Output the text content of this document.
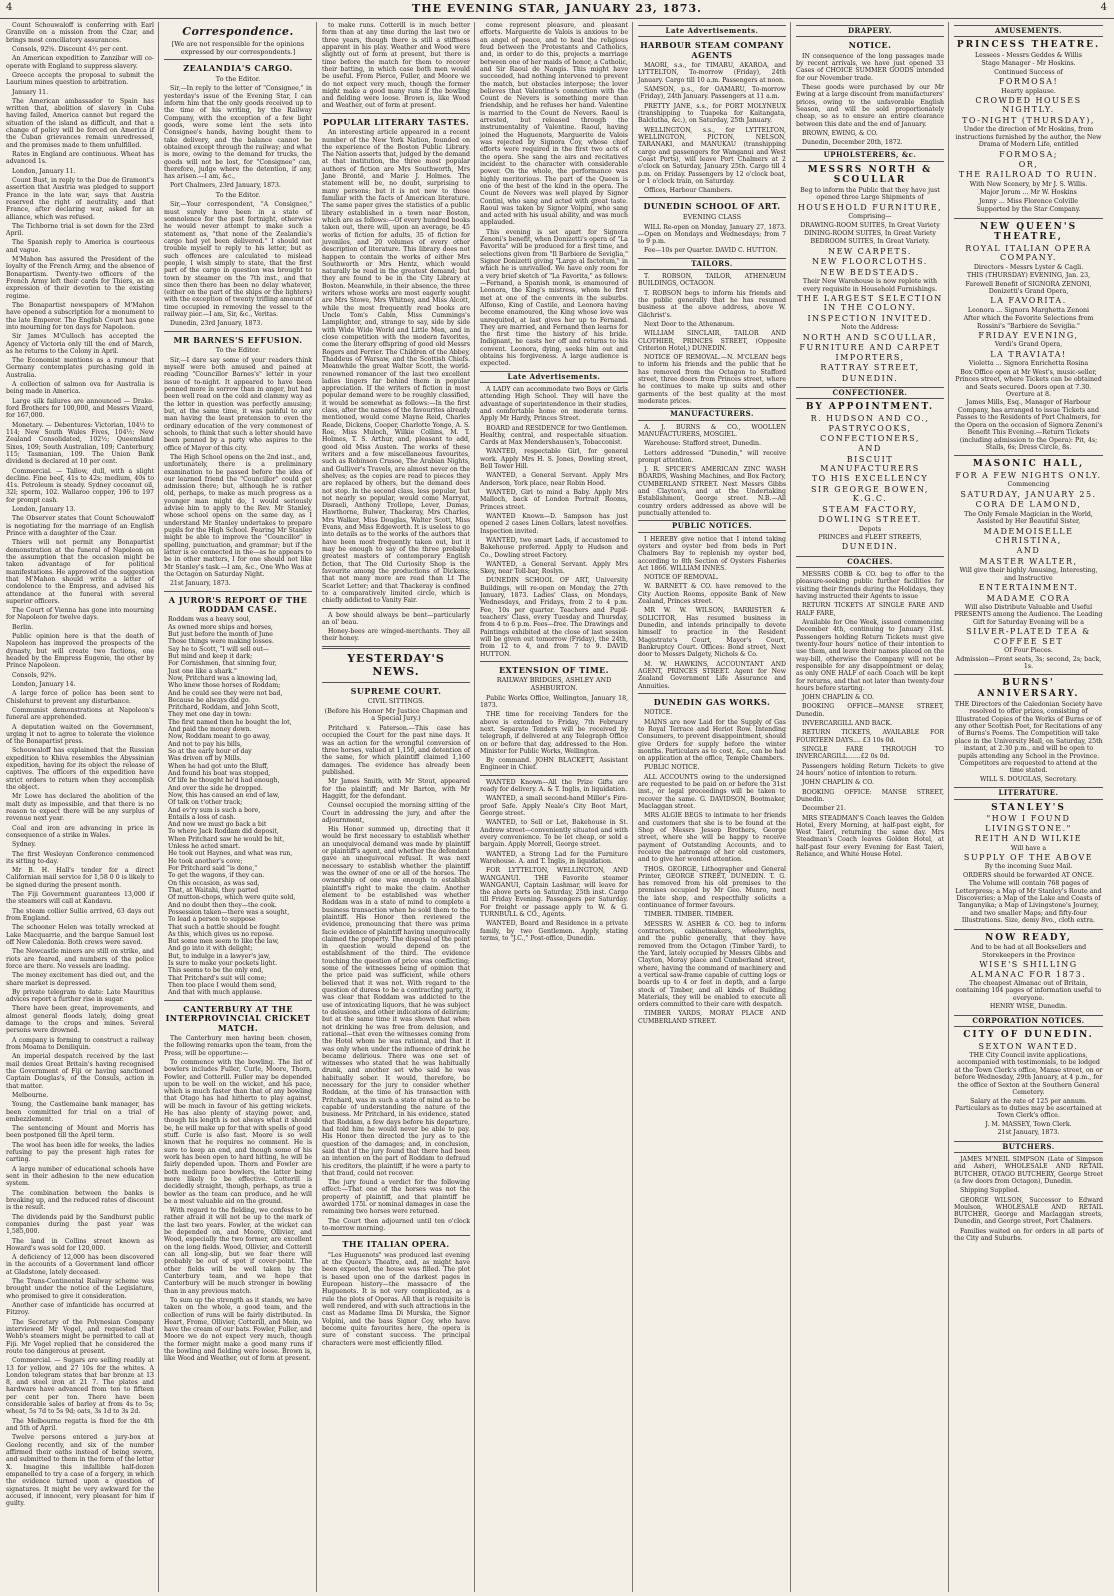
4	THE EVENING STAR, JANUARY 23, 1873.	4

Count Schouwaloff is conferring with Earl Granville on a mission from the Czar, and brings most conciliatory assurances.

Consols, 92⅝. Discount 4½ per cent.

An American expedition to Zanzibar will co-operate with England to suppress slavery.

Greece accepts the proposal to submit the Laurium mines question to arbitration.

January 11.

The American ambassador to Spain has written that, abolition of slavery in Cuba having failed, America cannot but regard the situation of the island as difficult, and that a change of policy will be forced on America if the Cuban grievances remain unredressed, and the promises made to them unfulfilled.

Rates in England are continuous. Wheat has advanced 1s.

London, January 11.

Count Bust, in reply to the Due de Gramont's assertion that Austria was pledged to support France in the late war, says that Austria reserved the right of neutrality, and that France, after declaring war, asked for an alliance, which was refused.

The Tichborne trial is set down for the 23rd April.

The Spanish reply to America is courteous and vague.

M'Mahon has assured the President of the loyalty of the French Army, and the absence of Bonapartism. Twenty-two officers of the French Army left their cards for Thiers, as an expression of their devotion to the existing regime.

The Bonapartist newspapers of M'Mahon have opened a subscription for a monument to the late Emperor. The English Court has gone into mourning for ten days for Napoleon.

Sir James M'Culloch has accepted the Agency of Victoria only till the end of March, as he returns to the Colony in April.

The Economist mentions as a rumour that Germany contemplates purchasing gold in Australia.

A collection of salmon ova for Australia is being made in America.

Large silk failures are announced — Drake-ford Brothers for 100,000, and Messrs Vizard, for 167,000.

Monetary. — Debentures: Victorian, 104½ to 114; New South Wales Fives, 104½; New Zealand Consolidated, 102½; Queensland Sixes, 109; South Australian, 109; Canterbury, 115; Tasmanian, 109. The Union Bank dividend is declared at 10 per cent.

Commercial. — Tallow, dull, with a slight decline. Fine beef, 41s to 42s; medium, 40s to 41s. Petroleum is steady. Sydney cocoanut oil, 32l; sperm, 102. Wallaroo copper, 196 to 197 for prompt cash.

London, January 13.

The Observer states that Count Schouwaloff is negotiating for the marriage of an English Prince with a daughter of the Czar.

Thiers will not permit any Bonapartist demonstration at the funeral of Napoleon on the assumption that the occasion might be taken advantage of for political manifestations. He approved of the suggestion that M'Mahon should write a letter of condolence to the Empress, and advised his attendance at the funeral with several superior officers.

The Court of Vienna has gone into mourning for Napoleon for twelve days.

Berlin.

Public opinion here is that the death of Napoleon has improved the prospects of the dynasty, but will create two factions, one headed by the Empress Eugenie, the other by Prince Napoleon.

Consols, 92⅝.

London, January 14.

A large force of police has been sent to Chislehurst to prevent any disturbance.

Communist demonstrations at Napoleon's funeral are apprehended.

A deputation waited on the Government, urging it not to agree to tolerate the violence of the Bonapartist press.

Schouwaloff has explained that the Russian expedition to Khiva resembles the Abyssinian expedition, having for its object the release of captives. The officers of the expedition have strict orders to return when they accomplish the object.

Mr Lowe has declared the abolition of the malt duty as impossible, and that there is no reason to expect there will be any surplus of revenue next year.

Coal and iron are advancing in price in consequence of a strike in Wales.

Sydney.

The first Wesleyan Conference commenced its sitting to-day.

Mr B. H. Hall's tender for a direct Californian mail service for 1,58 0 0 is likely to be signed during the present month.

The Fiji Government guarantees 13,000 if the steamers will call at Kandavu.

The steam collier Sullie arrived, 63 days out from England.

The schooner Helen was totally wrecked at Lake Macquarrie, and the barque Samuel lost off New Caledonia. Both crews were saved.

The Newcastle miners are still on strike, and riots are feared, and numbers of the police force are there. No vessels are loading.

The money excitement has died out, and the share market is depressed.

By private telegram to date: Late Mauritius advices report a further rise in sugar.

There have been great, improvements, and almost general floods lately, doing great damage to the crops and mines. Several persons were drowned.

A company is forming to construct a railway from Moama to Deniliquin.

An imperial despatch received by the last mail denies Great Britain's having recognised the Government of Fiji or having sanctioned Captain Douglas's, of the Consuls, action in that matter.

Melbourne.

Young, the Castlemaine bank manager, has been committed for trial on a trial of embezzlement.

The sentencing of Mount and Morris has been postponed till the April term.

The wool has been idle for weeks, the ladies refusing to pay the present high rates for carting.

A large number of educational schools have sent in their adhesion to the new education system.

The combination between the banks is breaking up, and the reduced rates of discount is the result.

The dividends paid by the Sandhurst public companies during the past year was 1,585,000.

The land in Collins street known as Howard's was sold for 120,000.

A deficiency of 12,000 has been discovered in the accounts of a Government land officer at Gladstone, lately deceased.

The Trans-Continental Railway scheme was brought under the notice of the Legislature, who promised to give it consideration.

Another case of infanticide has occurred at Fitzroy.

The Secretary of the Polynesian Company interviewed Mr Vogel, and requested that Webb's steamers might be permitted to call at Fiji. Mr Vogel replied that he considered the route too dangerous at present.

Commercial. — Sugars are selling readily at 13 for yellow, and 27 10s for the whites. A London telegram states that bar bronze at 13 8, and steel iron at 21 7. The plates and hardware have advanced from ten to fifteen per cent per ton. There have been considerable sales of barley at from 4s to 5s; wheat, 5s 7d to 5s 9d; oats, 3s 1d to 3s 2d.

The Melbourne regatta is fixed for the 4th and 5th of April.

Twelve persons entered a jury-box at Geelong recently, and six of the number affirmed their oaths instead of being sworn, and submitted to them in the form of the letter X. Imagine this infallible half-dozen empanelled to try a case of a forgery, in which the evidence turned upon a question of signatures. It might be very awkward for the accused, if innocent, very pleasant for him if guilty.

Correspondence.
[We are not responsible for the opinions expressed by our correspondents.]
ZEALANDIA'S CARGO.
To the Editor.

Sir,—In reply to the letter of "Consignee," in yesterday's issue of the Evening Star, I can inform him that the only goods received up to the time of his writing, by the Railway Company, with the exception of a few light goods, were some lent the sets into Consignee's hands, having bought them to take delivery, and the balance cannot be obtained except through the railway; and what is more, owing to the demand for trucks, the goods will not be lost, for "Consignee" can, therefore, judge where the detention, if any, has arisen.—I am, &c.,

Port Chalmers, 23rd January, 1873.

To the Editor.

Sir,—Your correspondent, "A Consignee," must surely have been in a state of somnolence for the past fortnight, otherwise he would never attempt to make such a statement as, "that none of the Zealandia's cargo had yet been delivered." I should not trouble myself to reply to his letter, but as such offences are calculated to mislead people, I wish simply to state, that the first part of the cargo in question was brought to town by steamer on the 7th inst., and that since then there has been no delay whatever, (either on the part of the ships or the lighters) with the exception of twenty trifling amount of time occupied in removing the vessel to the railway pier.—I am, Sir, &c., Veritas.

Dunedin, 23rd January, 1873.

MR BARNES'S EFFUSION.
To the Editor.

Sir,—I dare say some of your readers think myself were both amused and pained at reading "Councillor Barnes's" letter in your issue of to-night. It appeared to have been penned more in sorrow than in anger, but had been well read on the cold and clammy way as the letter in question was perfectly amusing; but, at the same time, it was painful to any man having the least pretension to even the ordinary education of the very commonest of schools, to think that such a letter should have been penned by a party who aspires to the office of Mayor of this city.

The High School opens on the 2nd inst., and, unfortunately, there is a preliminary examination to be passed before the idea of our learned friend the "Councillor" could get admission there; but, although he is rather old, perhaps, to make as much progress as a younger man might do, I would seriously advise him to apply to the Rev. Mr Stanley, whose school opens on the same day, as I understand Mr Stanley undertakes to prepare pupils for the High School. Fearing Mr Stanley might be able to improve the "Councillor" in spelling, punctuation, and grammar; but if the latter is so connected in the—as he appears to be in other matters, I for one should not like Mr Stanley's task.—I am, &c., One Who Was at the Octagon on Saturday Night.

21st January, 1873.

A JUROR'S REPORT OF THE RODDAM CASE.

Roddam was a heavy soul,

As owned more ships and horses,

But just before the month of June

Those things were making losses.

Say he to Scott, "I will sell out—

But mind and keep it dark;

For Cornishmen, that sinning four,

Just one like a shark."

Now, Pritchard was a knowing lad,

Who knew those horses of Roddam;

And he could see they were not bad,

Because he always did go.

Pritchard, Roddam, and John Scott,

They met one day in town:

The first named then he bought the lot,

And paid the money down.

Now, Roddam meant to go away,

And not to pay his bills,

So at the early hour of day

Was driven off by Mills.

When he had got unto the Bluff,

And found his boat was stopped,

Of life he thought he'd had enough,

And over the side he dropped.

Now, this has caused an end of law,

Of talk on t'other track;

And ev'ry sum is such a bore,

Entails a loss of cash.

And now we must go back a bit

To where Jack Roddam did deposit,

When Pritchard saw he would be hit,

Unless he acted smart.

He took out Haynes, and what was run,

He took another's cove;

For Pritchard said "is done,"

To get the wagons, if they can.

On this occasion, as was sad,

That, at Waitahi, they parted

Of mutton-chops, which were quite sold,

And no doubt then they—the cook.

Possession taken—there was a sought,

To lead a person to suppose

That such a battle should be fought

As this, which gives us no repose.

But some men seem to like the law,

And go into it with delight;

But, to indulge in a lawyer's jaw,

Is sure to make your pockets light.

This seems to be the only end,

That Pritchard's suit will come;

Then too place I would them send,

And that with much applause.

CANTERBURY AT THE INTERPROVINCIAL CRICKET MATCH.

The Canterbury men having been chosen, the following remarks upon the team, from the Press, will be opportune:—

To commence with the bowling. The list of bowlers includes Fuller, Curle, Moore, Thorn, Fowler, and Cotterill. Fuller may be depended upon to be well on the wicket, and his pace, which is much faster than that of any bowling that Otago has had hitherto to play against, will be much in favour of his getting wickets. He has also plenty of staying power, and, though his length is not always what it should be, he will make up for that with spells of good stuff. Curle is also fast. Moore is so well known that he requires no comment. He is sure to keep an end, and though some of his work has been open to hard hitting, he will be fairly depended upon. Thorn and Fowler are both medium pace bowlers, the latter being more likely to be effective. Cotterill is decidedly straight, though, perhaps, as true a bowler as the team can produce, and he will be a most valuable aid on the ground.

With regard to the fielding, we confess to be rather afraid it will not be up to the mark of the last two years. Fowler, at the wicket can be depended on, and Moore, Ollivier, and Wood, especially the two former, are excellent on the long fields. Wood, Ollivier, and Cotterill can all long-slip, but we fear there will probably be out of spot if cover-point. The other fields will be well taken by the Canterbury team, and we hope that Canterbury will be much stronger in bowling than in any previous match.

To sum up the strength as it stands, we have taken on the whole, a good team, and the collection of runs will be fairly distributed. In Heart, Frome, Ollivier, Cotterill, and Mein, we have the cream of our bats. Fowler, Fuller, and Moore we do not expect very much, though the former might make a good many runs if the bowling and fielding were loose. Brown is, like Wood and Weather, out of form at present.

to make runs. Cotterill is in much better form than at any time during the last two or three years, though there is still a stiffness apparent in his play. Weather and Wood were slightly out of form at present, but there is time before the match for them to recover their batting, in which case both men would be useful. From Pierce, Fuller, and Moore we do not expect very much, though the former might make a good many runs if the bowling and fielding were loose. Brown is, like Wood and Weather, out of form at present.

POPULAR LITERARY TASTES.

An interesting article appeared in a recent number of the New York Nation, founded on the experience of the Boston Public Library. The Nation asserts that, judged by the demand at that institution, the three most popular authors of fiction are Mrs Southworth, Mrs Jane Brontë, and Marie J. Holmes. The statement will be, no doubt, surprising to many persons; but it is not new to those familiar with the facts of American literature. The same paper gives the statistics of a public library established in a town near Boston, which are as follows:—Of every hundred books taken out, there will, upon an average, be 45 works of fiction for adults, 35 of fiction for juveniles, and 20 volumes of every other description of literature. This library does not happen to contain the works of either Mrs Southworth or Mrs Hentz, which would naturally be read in the greatest demand; but they are found to be in the City Library at Boston. Meanwhile, in their absence, the three writers whose works are most eagerly sought are Mrs Stowe, Mrs Whitney, and Miss Alcott, while the most frequently read books are Uncle Tom's Cabin, Miss Cummings's Lamplighter, and, strange to say, side by side with Wide Wide World and Little Men, and in close competition with the modern favorites, come the literary offspring of good old Messrs Rogers and Ferrier. The Children of the Abbey, Thaddeus of Warsaw, and the Scottish Chiefs. Meanwhile the great Walter Scott, the world-renowned romancer of the last two excellent ladies lingers far behind them in popular appreciation. If the writers of fiction in most popular demand were to be roughly classified, it would be somewhat as follows:—In the first class, after the names of the favourites already mentioned, would come Mayne Reid, Charles Reade, Dickens, Cooper, Charlotte Yonge, A. S. Roe, Miss Muloch, Wilkie Collins, M. T. Holmes, T. S. Arthur, and, pleasant to add, good old Miss Austen. The works of these writers and a few miscellaneous favourites, such as Robinson Crusoe, The Arabian Nights, and Gulliver's Travels, are almost never on the shelves; as the copies are read to pieces they are replaced by others, but the demand does not stop. In the second class, less popular, but not nearly so popular, would come Marryat, Disraeli, Anthony Trollope, Lever, Dumas, Hawthorne, Bulwer, Thackeray, Mrs Charles, Mrs Walker, Miss Douglas, Walter Scott, Miss Evans, and Miss Edgeworth. It is useless to go into details as to the works of the authors that have been most frequently taken out, but it may be enough to say of the three probably greatest masters of contemporary English fiction, that The Old Curiosity Shop is the favourite among the productions of Dickens; that not many more are read than Lt The Scarlet Letter; and that Thackeray is confined to a comparatively limited circle, which is chiefly addicted to Vanity Fair.

A bow should always be bent—particularly an ol' beau.

Honey-bees are winged-merchants. They all their honey.

YESTERDAY'S NEWS.
SUPREME COURT.
CIVIL SITTINGS.
(Before his Honor Mr Justice Chapman and a Special Jury.)

Pritchard v. Paterson.—This case has occupied the Court for the past nine days. It was an action for the wrongful conversion of three horses, valued at 1,150, and detention of the same, for which plaintiff claimed 1,160 damages. The evidence has already been published.

Mr James Smith, with Mr Stout, appeared for the plaintiff; and Mr Barton, with Mr Haggitt, for the defendant.

Counsel occupied the morning sitting of the Court in addressing the jury, and after the adjournment,

His Honor summed up, directing that it would be first necessary to establish whether an unequivocal demand was made by plaintiff or plaintiff's agent, and whether the defendant gave an unequivocal refusal. It was next necessary to establish whether the plaintiff was the owner of one or all of the horses. The ownership of one was enough to establish plaintiff's right to make the claim. Another element to be established was whether Roddam was in a state of mind to complete a business transaction when he sold them to the plaintiff. His Honor then reviewed the evidence, pronouncing that there was prima facie evidence of plaintiff having unequivocally claimed the property. The disposal of the point in question would depend on the establishment of the third. The evidence touching the question of price was conflicting; some of the witnesses being of opinion that the price paid was sufficient, while others believed that it was not. With regard to the question of duress to be a contracting party, it was clear that Roddam was addicted to the use of intoxicating liquors, that he was subject to delusions, and other indications of delirium; but at the same time it was shown that when not drinking he was free from delusion, and rational—that even the witnesses coming from the Hotel whom he was rational, and that it was only when under the influence of drink he became delirious. There was one set of witnesses who stated that he was habitually drunk, and another set who said he was habitually sober. It would, therefore, be necessary for the jury to consider whether Roddam, at the time of his transaction with Pritchard, was in such a state of mind as to be capable of understanding the nature of the business. Mr Pritchard, in his evidence, stated that Roddam, a few days before his departure, had told him he would never be able to pay. His Honor then directed the jury as to the question of the damages; and, in conclusion, said that if the jury found that there had been an intention on the part of Roddam to defraud his creditors, the plaintiff, if he were a party to that fraud, could not recover.

The jury found a verdict for the following effect:—That one of the horses was not the property of plaintiff, and that plaintiff be awarded 175l. or nominal damages in case the remaining two horses were returned.

The Court then adjourned until ten o'clock to-morrow morning.

THE ITALIAN OPERA.

"Les Huguenots" was produced last evening at the Queen's Theatre, and, as might have been expected, the house was filled. The plot is based upon one of the darkest pages in European history—the massacre of the Huguenots. It is not very complicated, as a rule the plots of Operas. All that is requisite is well rendered, and with such attractions in the cast as Madame Ilma Di Murska, the Signor Volpini, and the bass Signor Coy, who have become quite favourites here, the opera is sure of constant success. The principal characters were most efficiently filled.

come represent pleasure, and pleasant efforts. Marguerite de Valois is anxious to be an angel of peace, and to heal the religious feud between the Protestants and Catholics, and, in order to do this, projects a marriage between one of her maids of honor, a Catholic, and Sir Raoul de Nangis. This might have succeeded, had nothing intervened to prevent the match, but obstacles interpose; the lover believes that Valentine's connection with the Count de Nevers is something more than friendship, and he refuses her hand. Valentine is married to the Count de Nevers. Raoul is arrested, but released through the instrumentality of Valentine. Raoul, having joined the Huguenots, Marguerite de Valois was rejected by Signora Coy, whose chief efforts were required in the first two acts of the opera. She sang the airs and recitatives incident to the character with considerable power. On the whole, the performance was highly meritorious. The part of the Queen is one of the best of the kind in the opera. The Count de Nevers was well played by Signor Contini, who sang and acted with great taste. Raoul was taken by Signor Volpini, who sang and acted with his usual ability, and was much applauded.

This evening is set apart for Signora Zenoni's benefit, when Donizetti's opera of "La Favorita" will be produced for a first time, and selections given from "Il Barbiere de Seviglia," Signor Donizetti giving "Largo al factotum," in which he is unrivalled. We have only room for a very brief sketch of "La Favorita," as follows:—Fernand, a Spanish monk, is enamoured of Leonora, the King's mistress, whom he first met at one of the convents in the suburbs. Alfonso, King of Castile, and Leonora having become enamoured, the King whose love was unrequited, at last gives her up to Fernand. They are married, and Fernand then learns for the first time the history of his bride. Indignant, he casts her off and returns to his convent. Leonora, dying, seeks him out and obtains his forgiveness. A large audience is expected.

Late Advertisements.

A LADY can accommodate two Boys or Girls attending High School. They will have the advantage of superintendence in their studies, and comfortable home on moderate terms. Apply Mr Hardy, Princes Street.

BOARD and RESIDENCE for two Gentlemen. Healthy, central, and respectable situation. Cards at Max Mendershausen's, Tobacconist.

WANTED, respectable Girl, for general work. Apply Mrs H. S. Jones, Dowling street, Bell Tower Hill.

WANTED, a General Servant. Apply Mrs Anderson, York place, near Robin Hood.

WANTED, Girl to mind a Baby. Apply Mrs Malloch, back of London Portrait Rooms, Princes street.

WANTED Known—D. Sampson has just opened 2 cases Linen Collars, latest novelties. Inspection invited.

WANTED, two smart Lads, if accustomed to Bakehouse preferred. Apply to Hudson and Co., Dowling street Factory.

WANTED, a General Servant. Apply Mrs Skey, near Toll-bar, Roslyn.

DUNEDIN SCHOOL OF ART, University Buildings, will re-open on Monday, the 27th January, 1873. Ladies' Class, on Mondays, Wednesdays, and Fridays, from 2 to 4 p.m. Fee, 10s per quarter. Teachers and Pupil-teachers' Class, every Tuesday and Thursday, from 4 to 6 p.m. Fees—free. The Drawings and Paintings exhibited at the close of last session will be given out tomorrow (Friday), the 24th, from 12 to 4, and from 7 to 9. DAVID HUTTON.

EXTENSION OF TIME.
RAILWAY BRIDGES, ASHLEY AND ASHBURTON.

Public Works Office, Wellington, January 18, 1873.

THE time for receiving Tenders for the above is extended to Friday, 7th February next. Separate Tenders will be received by telegraph, if delivered at any Telegraph Office on or before that day, addressed to the Hon. Minister for Public Works, Wellington.

By command. JOHN BLACKETT, Assistant Engineer in Chief.

WANTED Known—All the Prize Gifts are ready for delivery. A. & T. Inglis, in liquidation.

WANTED, a small second-hand Miller's Fire-proof Safe. Apply Neale's City Boot Mart, George street.

WANTED, to Sell or Let, Bakehouse in St. Andrew street—conveniently situated and with every convenience. To be let cheap, or sold a bargain. Apply Morrell, George street.

WANTED, a Strong Lad for the Furniture Warehouse. A. and T. Inglis, in liquidation.

FOR LYTTELTON, WELLINGTON, AND WANGANUI. THE Favorite steamer WANGANUI, Captain Lashmar, will leave for the above ports on Saturday, 25th inst. Cargo till Friday Evening. Passengers per Saturday. For freight or passage apply to W. & G. TURNBULL & CO., Agents.

WANTED, Board and Residence in a private family, by two Gentlemen. Apply, stating terms, to "J.C.," Post-office, Dunedin.

Late Advertisements.
HARBOUR STEAM COMPANY AGENTS

MAORI, s.s., for TIMARU, AKAROA, and LYTTELTON, To-morrow (Friday), 24th January. Cargo till 10 a.m. Passengers at noon.

SAMSON, p.s., for OAMARU, To-morrow (Friday), 24th January. Passengers at 11 a.m.

PRETTY JANE, s.s., for PORT MOLYNEUX (transhipping to Tuapeka for Kaitangata, Balclutha, &c.), on Saturday, 25th January.

WELLINGTON, s.s., for LYTTELTON, WELLINGTON, PICTON, NELSON, TARANAKI, and MANUKAU (transhipping cargo and passengers for Wanganui and West Coast Ports), will leave Port Chalmers at 2 o'clock on Saturday, January 25th. Cargo till 4 p.m. on Friday. Passengers by 12 o'clock boat, or 1 o'clock train, on Saturday.

Offices, Harbour Chambers.

DUNEDIN SCHOOL OF ART.
EVENING CLASS

WILL Re-open on Monday, January 27, 1873.—Open on Mondays and Wednesdays; from 7 to 9 p.m.

Fee—10s per Quarter. DAVID C. HUTTON.

TAILORS.

T. ROBSON, TAILOR, ATHENÆUM BUILDINGS, OCTAGON.

T. ROBSON begs to inform his friends and the public generally that he has resumed business at the above address, above W. Gilchrist's.

Next Door to the Athenæum.

WILLIAM SINCLAIR, TAILOR AND CLOTHIER, PRINCES STREET, (Opposite Criterion Hotel,) DUNEDIN.

NOTICE OF REMOVAL.—N. M'CLEAN begs to inform his friends and the public that he has removed from the Octagon to Stafford street, three doors from Princes street, where he continues to make up suits and other garments of the best quality at the most moderate prices.

MANUFACTURERS.

A. J. BURNS & CO., WOOLLEN MANUFACTURERS, MOSGIEL.

Warehouse: Stafford street, Dunedin.

Letters addressed "Dunedin," will receive prompt attention.

J. R. SPICER'S AMERICAN ZINC WASH BOARDS, Washing Machines, and Box Factory, CUMBERLAND STREET. Next Messrs Gibbs and Clayton's, and at the Undertaking Establishment, George street. N.B.—All country orders addressed as above will be punctually attended to.

PUBLIC NOTICES.

I HEREBY give notice that I intend taking oysters and oyster bed from beds in Port Chalmers Bay to replenish my oyster bed, according to 8th Section of Oysters Fisheries Act 1866. WILLIAM INNES.

NOTICE OF REMOVAL.

W. BARNETT & CO. have removed to the City Auction Rooms, opposite Bank of New Zealand, Princes street.

MR W. W. WILSON, BARRISTER & SOLICITOR, Has resumed business in Dunedin, and intends principally to devote himself to practice in the Resident Magistrate's Court, Mayor's Court, Bankruptcy Court. Offices: Bond street, Next door to Messrs Dalgety, Nichols & Co.

M. W. HAWKINS, ACCOUNTANT AND AGENT, PRINCES STREET. Agent for New Zealand Government Life Assurance and Annuities.

DUNEDIN GAS WORKS.

NOTICE.

MAINS are now Laid for the Supply of Gas to Royal Terrace and Heriot Row. Intending Consumers, to prevent disappointment, should give Orders for supply before the winter months. Particulars as to cost, &c., can be had on application at the office, Temple Chambers.

PUBLIC NOTICE.

ALL ACCOUNTS owing to the undersigned are requested to be paid on or before the 31st inst., or legal proceedings will be taken to recover the same. G. DAVIDSON, Bootmaker, Maclaggan street.

MRS ALGIE BEGS to intimate to her friends and customers that she is to be found at the Shop of Messrs Jessop Brothers, George street, where she will be happy to receive payment of Outstanding Accounts, and to receive the patronage of her old customers, and to give her wonted attention.

THOS. GEORGE, Lithographer and General Printer, GEORGE STREET, DUNEDIN. T. G. has removed from his old premises to the premises occupied by Mr Geo. Munro, next the late shop, and respectfully solicits a continuance of former favours.

TIMBER. TIMBER. TIMBER.

MESSRS W. ASHER & CO. beg to inform contractors, cabinetmakers, wheelwrights, and the public generally, that they have removed from the Octagon (Timber Yard), to the Yard, lately occupied by Messrs Gibbs and Clayton, Moray place and Cumberland street, where, having the command of machinery and a vertical saw-frame capable of cutting logs or boards up to 4 or feet in depth, and a large stock of Timber, and all kinds of Building Materials, they will be enabled to execute all orders committed to their care with despatch.

TIMBER YARDS, MORAY PLACE AND CUMBERLAND STREET.

DRAPERY.
NOTICE.

IN consequence of the long passages made by recent arrivals, we have just opened 33 Cases of CHOICE SUMMER GOODS intended for our November trade.

These goods were purchased by our Mr Ewing at a large discount from manufacturers' prices, owing to the unfavorable English Season, and will be sold proportionately cheap, so as to ensure an entire clearance between this date and the end of January.

BROWN, EWING, & CO.

Dunedin, December 20th, 1872.

UPHOLSTERERS, &c.
MESSRS NORTH & SCOULLAR
Beg to inform the Public that they have just opened three Large Shipments of
HOUSEHOLD FURNITURE,
Comprising—
DRAWING-ROOM SUITES, In Great Variety
DINING-ROOM SUITES, In Great Variety
BEDROOM SUITES, In Great Variety.
NEW CARPETS.
NEW FLOORCLOTHS.
NEW BEDSTEADS.
Their New Warehouse is now replete with every requisite in Household Furnishings.
THE LARGEST SELECTION IN THE COLONY.
INSPECTION INVITED.
Note the Address:
NORTH AND SCOULLAR,
FURNITURE AND CARPET IMPORTERS,
RATTRAY STREET,
DUNEDIN.
CONFECTIONER.
BY APPOINTMENT.
R. HUDSON AND CO.,
PASTRYCOOKS, CONFECTIONERS,
AND
BISCUIT MANUFACTURERS
TO HIS EXCELLENCY
SIR GEORGE BOWEN, K.G.C.
STEAM FACTORY,
DOWLING STREET.
Depots
PRINCES and FLEET STREETS,
DUNEDIN.
COACHES.

MESSRS COBB & CO. beg to offer to the pleasure-seeking public further facilities for visiting their friends during the Holidays, they having instructed their Agents to issue

RETURN TICKETS AT SINGLE FARE AND HALF FARE,

Available for One Week, issued commencing December 4th, continuing to January 31st. Passengers holding Return Tickets must give twenty-four hours' notice of their intention to use them, and leave their names placed on the way-bill, otherwise the Company will not be responsible for any disappointment or delay, as only ONE HALF of each Coach will be kept for returns, and that not later than twenty-four hours before starting.

JOHN CHAPLIN & CO.

BOOKING OFFICE—MANSE STREET, Dunedin.

INVERCARGILL AND BACK.

RETURN TICKETS, AVAILABLE FOR FOURTEEN DAYS.... £3 10s 0d.

SINGLE FARE THROUGH TO INVERCARGILL.......£2 0s 0d.

Passengers holding Return Tickets to give 24 hours' notice of intention to return.

JOHN CHAPLIN & CO.

BOOKING OFFICE: MANSE STREET, Dunedin.

December 21.

MRS STEADMAN'S Coach leaves the Golden Hotel, Every Morning, at half-past eight, for West Taieri, returning the same day. Mrs Steadman's Coach leaves Golden Hotel, at half-past four every Evening for East Taieri, Reliance, and White House Hotel.

AMUSEMENTS.
PRINCESS THEATRE.
Lessees - Messrs Geddes & Willis
Stage Manager - Mr Hoskins.
Continued Success of
FORMOSA!
Hearty applause.
CROWDED HOUSES NIGHTLY.
TO-NIGHT (THURSDAY),
Under the direction of Mr Hoskins, from instructions furnished by the author, the New Drama of Modern Life, entitled
FORMOSA;
OR,
THE RAILROAD TO RUIN.
With New Scenery, by Mr J. S. Willis.
Major Jorum ... Mr W. Hoskins
Jenny ... Miss Florence Colville
Supported by the Star Company.
NEW QUEEN'S THEATRE,
ROYAL ITALIAN OPERA COMPANY.
Directors - Messrs Lyster & Cagli.
THIS (THURSDAY) EVENING, Jan. 23,
Farewell Benefit of SIGNORA ZENONI, Donizetti's Grand Opera,
LA FAVORITA.
Leonora ... Signora Marghetta Zenoni
After which the Favorite Selections from Rossini's "Barbiere de Seviglia."
FRIDAY EVENING,
Verdi's Grand Opera,
LA TRAVIATA!
Violetta ... Signora Enrichetta Rosina
Box Office open at Mr West's, music-seller, Princes street, where Tickets can be obtained and Seats secured. Doors open at 7.30. Overture at 8.
James Mills, Esq., Manager of Harbour Company, has arranged to issue Tickets and Passes to the Residents of Port Chalmers, for the Opera on the occasion of Signora Zenoni's Benefit This Evening.—Return Tickets (including admission to the Opera): Pit, 4s; Stalls, 6s; Dress Circle, 8s.
MASONIC HALL,
FOR A FEW NIGHTS ONLY.
Commencing
SATURDAY, JANUARY 25.
CORA DE LAMOND,
The Only Female Magician in the World, Assisted by Her Beautiful Sister,
MADEMOISELLE CHRISTINA,
AND
MASTER WALTER,
Will give their highly Amusing, Interesting, and Instructive
ENTERTAINMENT.
MADAME CORA
Will also Distribute Valuable and Useful PRESENTS among the Audience. The Leading Gift for Saturday Evening will be a
SILVER-PLATED TEA & COFFEE SET
Of Four Pieces.
Admission—Front seats, 3s; second, 2s; back, 1s.
BURNS' ANNIVERSARY.
THE Directors of the Caledonian Society have resolved to offer prizes, consisting of Illustrated Copies of the Works of Burns or of any other Scottish Poet, for Recitations of any of Burns's Poems. The Competition will take place in the University Hall, on Saturday, 25th instant, at 2.30 p.m., and will be open to pupils attending any School in the Province. Competitors are requested to attend at the time stated.
WILL S. DOUGLAS, Secretary.
LITERATURE.
STANLEY'S
"HOW I FOUND LIVINGSTONE."
REITH AND WILKIE
Will have a
SUPPLY OF THE ABOVE
By the incoming Suez Mail.
ORDERS should be forwarded AT ONCE.
The Volume will contain 768 pages of Letterpress; a Map of Mr Stanley's Route and Discoveries; a Map of the Lake and Coasts of Tanganyika; a Map of Livingstone's Journey, and two smaller Maps; and fifty-four Illustrations. Size, demy 8vo., cloth extra.
NOW READY,
And to be had at all Booksellers and Storekeepers in the Province
WISE'S SHILLING ALMANAC FOR 1873.
The cheapest Almanac out of Britain, containing 104 pages of information useful to everyone.
HENRY WISE, Dunedin.
CORPORATION NOTICES.
CITY OF DUNEDIN.
SEXTON WANTED.
THE City Council invite applications, accompanied with testimonials, to be lodged at the Town Clerk's office, Manse street, on or before Wednesday, 29th January, at 4 p.m., for the office of Sexton at the Southern General Cemetery.
Salary at the rate of 125 per annum. Particulars as to duties may be ascertained at Town Clerk's office.
J. M. MASSEY, Town Clerk.
21st January, 1873.
BUTCHERS.

JAMES M'NEIL SIMPSON (Late of Simpson and Asher), WHOLESALE AND RETAIL BUTCHER, OTAGO BUTCHERY, George Street (a few doors from Octagon), Dunedin.

Shipping Supplied.

GEORGE WILSON, Successor to Edward Moulson, WHOLESALE AND RETAIL BUTCHER, George and Maclaggan streets, Dunedin, and George street, Port Chalmers.

Families waited on for orders in all parts of the City and Suburbs.
